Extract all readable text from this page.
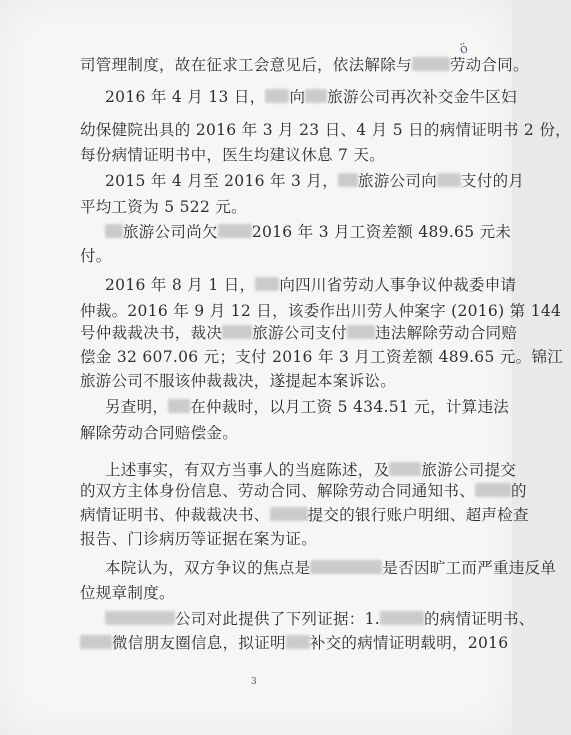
ö
司管理制度，故在征求工会意见后，依法解除与 劳动合同。
2016 年 4 月 13 日， 向 旅游公司再次补交金牛区妇
幼保健院出具的 2016 年 3 月 23 日、4 月 5 日的病情证明书 2 份，
每份病情证明书中，医生均建议休息 7 天。
2015 年 4 月至 2016 年 3 月， 旅游公司向 支付的月
平均工资为 5 522 元。
旅游公司尚欠 2016 年 3 月工资差额 489.65 元未
付。
2016 年 8 月 1 日， 向四川省劳动人事争议仲裁委申请
仲裁。2016 年 9 月 12 日，该委作出川劳人仲案字 (2016) 第 144
号仲裁裁决书，裁决 旅游公司支付 违法解除劳动合同赔
偿金 32 607.06 元；支付 2016 年 3 月工资差额 489.65 元。锦江
旅游公司不服该仲裁裁决，遂提起本案诉讼。
另查明， 在仲裁时，以月工资 5 434.51 元，计算违法
解除劳动合同赔偿金。
上述事实，有双方当事人的当庭陈述，及 旅游公司提交
的双方主体身份信息、劳动合同、解除劳动合同通知书、 的
病情证明书、仲裁裁决书、 提交的银行账户明细、超声检查
报告、门诊病历等证据在案为证。
本院认为，双方争议的焦点是	是否因旷工而严重违反单
位规章制度。
公司对此提供了下列证据：1.	的病情证明书、
微信朋友圈信息，拟证明 补交的病情证明载明，2016
3
